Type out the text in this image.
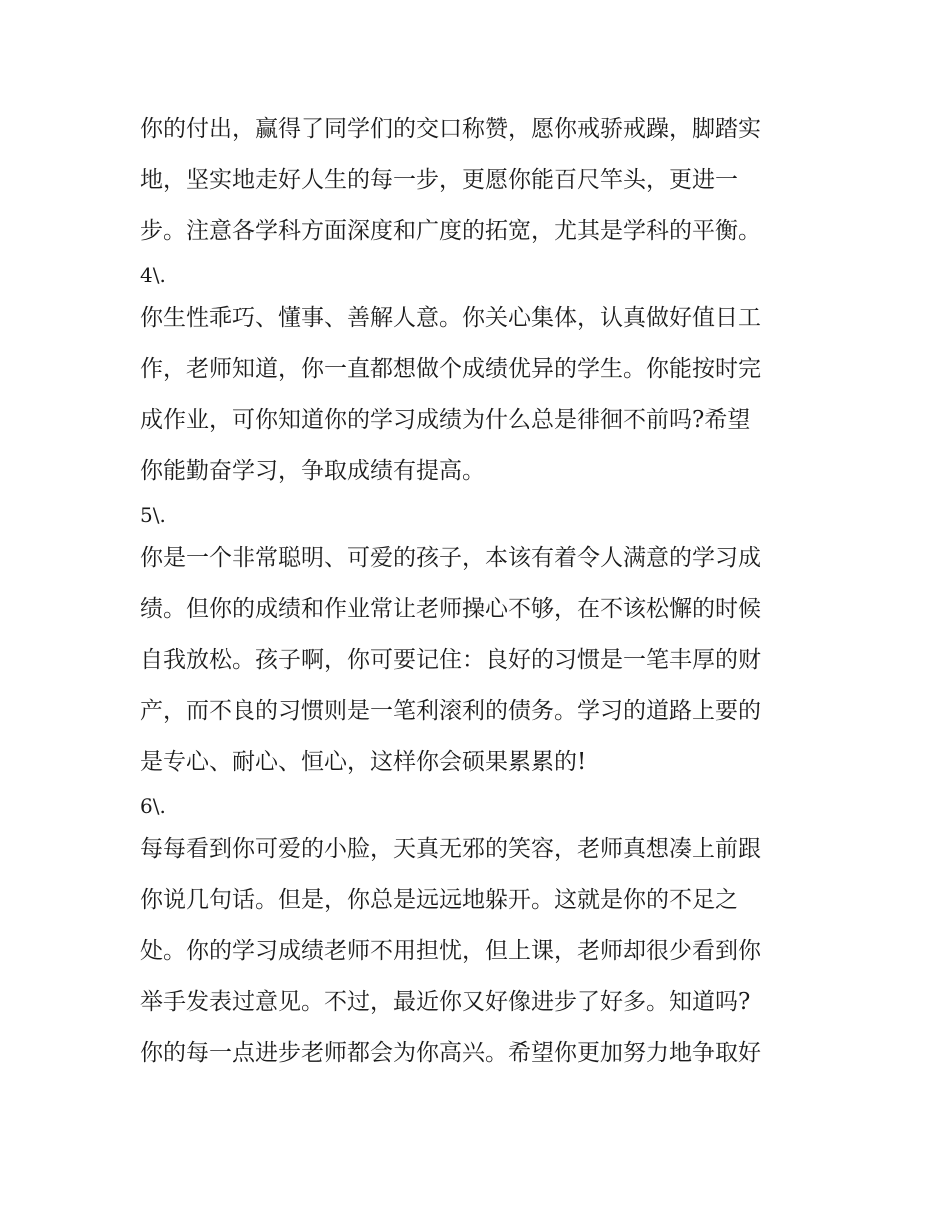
你的付出，赢得了同学们的交口称赞，愿你戒骄戒躁，脚踏实
地，坚实地走好人生的每一步，更愿你能百尺竿头，更进一
步。注意各学科方面深度和广度的拓宽，尤其是学科的平衡。
4\.
你生性乖巧、懂事、善解人意。你关心集体，认真做好值日工
作，老师知道，你一直都想做个成绩优异的学生。你能按时完
成作业，可你知道你的学习成绩为什么总是徘徊不前吗?希望
你能勤奋学习，争取成绩有提高。
5\.
你是一个非常聪明、可爱的孩子，本该有着令人满意的学习成
绩。但你的成绩和作业常让老师操心不够，在不该松懈的时候
自我放松。孩子啊，你可要记住：良好的习惯是一笔丰厚的财
产，而不良的习惯则是一笔利滚利的债务。学习的道路上要的
是专心、耐心、恒心，这样你会硕果累累的!
6\.
每每看到你可爱的小脸，天真无邪的笑容，老师真想凑上前跟
你说几句话。但是，你总是远远地躲开。这就是你的不足之
处。你的学习成绩老师不用担忧，但上课，老师却很少看到你
举手发表过意见。不过，最近你又好像进步了好多。知道吗?
你的每一点进步老师都会为你高兴。希望你更加努力地争取好
